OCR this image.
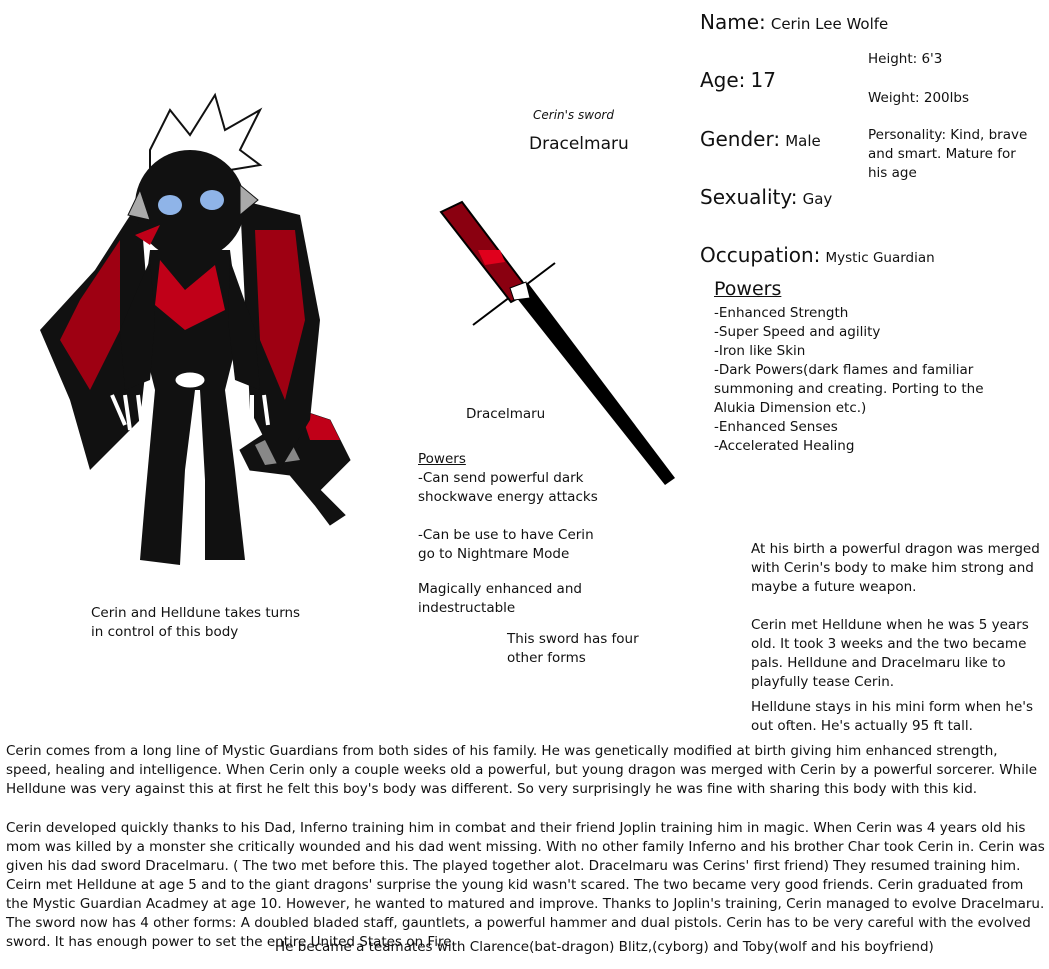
Cerin and Helldune takes turns in control of this body
Cerin's sword
Dracelmaru
Dracelmaru
Powers
-Can send powerful dark shockwave energy attacks
-Can be use to have Cerin go to Nightmare Mode
Magically enhanced and indestructable
This sword has four other forms
Name: Cerin Lee Wolfe
Age: 17
Gender: Male
Sexuality: Gay
Occupation: Mystic Guardian
Height: 6'3
Weight: 200lbs
Personality: Kind, brave and smart. Mature for his age
Powers
-Enhanced Strength
-Super Speed and agility
-Iron like Skin
-Dark Powers(dark flames and familiar summoning and creating. Porting to the Alukia Dimension etc.)
-Enhanced Senses
-Accelerated Healing
At his birth a powerful dragon was merged with Cerin's body to make him strong and maybe a future weapon.
Cerin met Helldune when he was 5 years old. It took 3 weeks and the two became pals. Helldune and Dracelmaru like to playfully tease Cerin.
Helldune stays in his mini form when he's out often. He's actually 95 ft tall.
Cerin comes from a long line of Mystic Guardians from both sides of his family. He was genetically modified at birth giving him enhanced strength, speed, healing and intelligence. When Cerin only a couple weeks old a powerful, but young dragon was merged with Cerin by a powerful sorcerer. While Helldune was very against this at first he felt this boy's body was different. So very surprisingly he was fine with sharing this body with this kid.
Cerin developed quickly thanks to his Dad, Inferno training him in combat and their friend Joplin training him in magic. When Cerin was 4 years old his mom was killed by a monster she critically wounded and his dad went missing. With no other family Inferno and his brother Char took Cerin in. Cerin was given his dad sword Dracelmaru. ( The two met before this. The played together alot. Dracelmaru was Cerins' first friend) They resumed training him. Ceirn met Helldune at age 5 and to the giant dragons' surprise the young kid wasn't scared. The two became very good friends. Cerin graduated from the Mystic Guardian Acadmey at age 10. However, he wanted to matured and improve. Thanks to Joplin's training, Cerin managed to evolve Dracelmaru. The sword now has 4 other forms: A doubled bladed staff, gauntlets, a powerful hammer and dual pistols. Cerin has to be very careful with the evolved sword. It has enough power to set the entire United States on Fire.
He became a teamates with Clarence(bat-dragon) Blitz,(cyborg) and Toby(wolf and his boyfriend)
